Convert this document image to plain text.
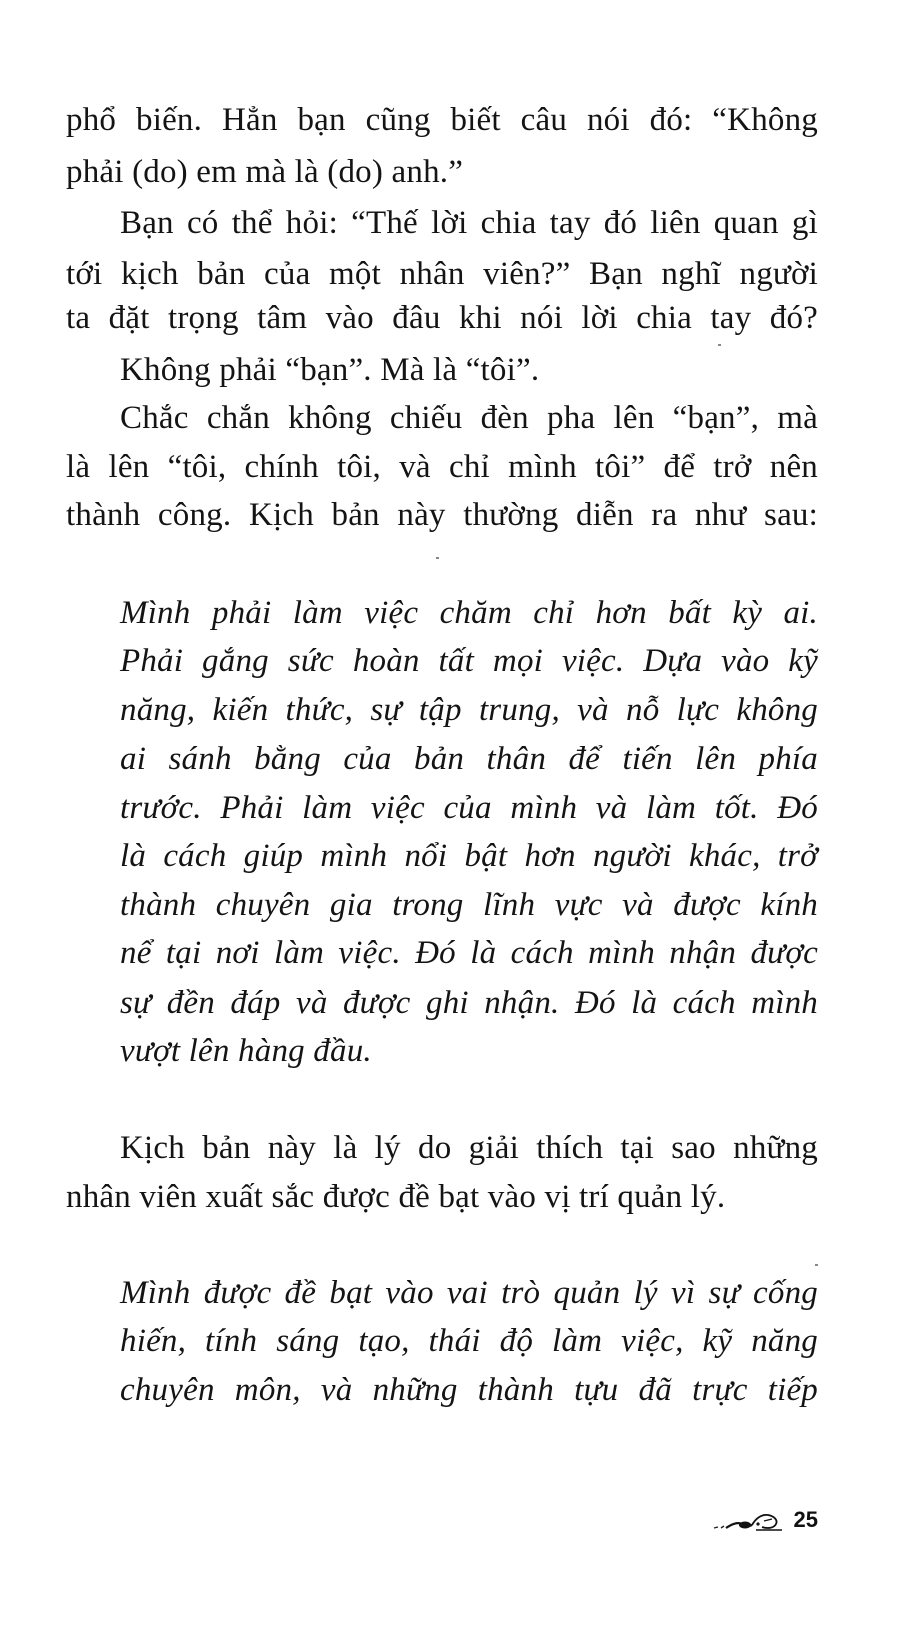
phổ biến. Hẳn bạn cũng biết câu nói đó: “Không
phải (do) em mà là (do) anh.”
Bạn có thể hỏi: “Thế lời chia tay đó liên quan gì
tới kịch bản của một nhân viên?” Bạn nghĩ người
ta đặt trọng tâm vào đâu khi nói lời chia tay đó?
Không phải “bạn”. Mà là “tôi”.
Chắc chắn không chiếu đèn pha lên “bạn”, mà
là lên “tôi, chính tôi, và chỉ mình tôi” để trở nên
thành công. Kịch bản này thường diễn ra như sau:
Mình phải làm việc chăm chỉ hơn bất kỳ ai.
Phải gắng sức hoàn tất mọi việc. Dựa vào kỹ
năng, kiến thức, sự tập trung, và nỗ lực không
ai sánh bằng của bản thân để tiến lên phía
trước. Phải làm việc của mình và làm tốt. Đó
là cách giúp mình nổi bật hơn người khác, trở
thành chuyên gia trong lĩnh vực và được kính
nể tại nơi làm việc. Đó là cách mình nhận được
sự đền đáp và được ghi nhận. Đó là cách mình
vượt lên hàng đầu.
Kịch bản này là lý do giải thích tại sao những
nhân viên xuất sắc được đề bạt vào vị trí quản lý.
Mình được đề bạt vào vai trò quản lý vì sự cống
hiến, tính sáng tạo, thái độ làm việc, kỹ năng
chuyên môn, và những thành tựu đã trực tiếp
25
